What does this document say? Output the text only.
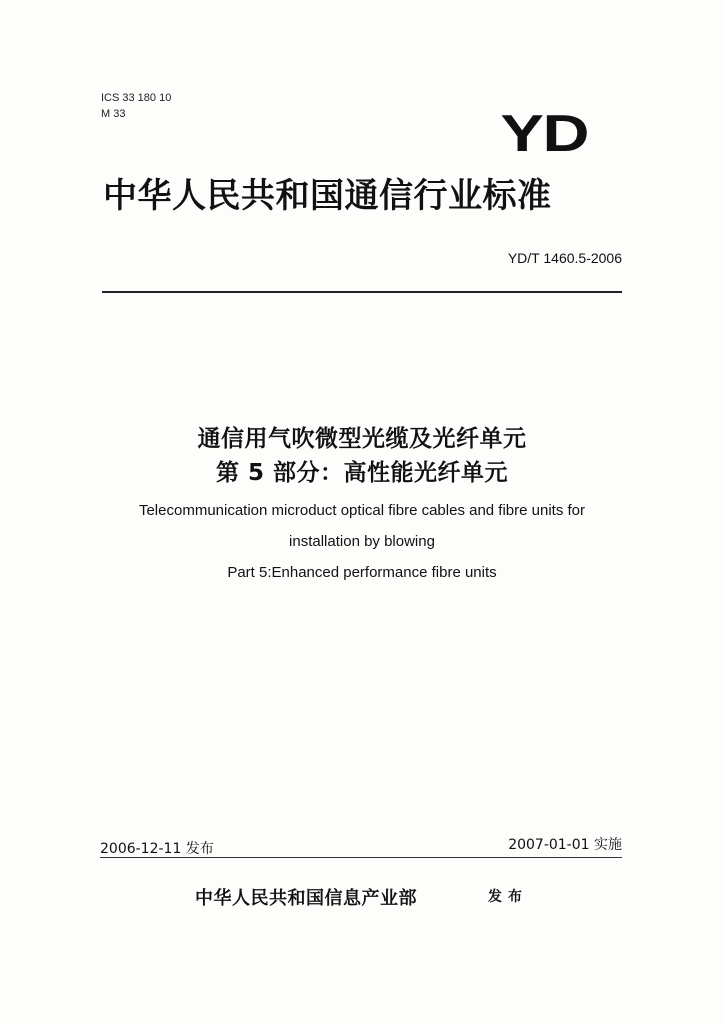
ICS 33 180 10
M 33	YD
中华人民共和国通信行业标准
YD/T 1460.5-2006
通信用气吹微型光缆及光纤单元
第 5 部分：高性能光纤单元
Telecommunication microduct optical fibre cables and fibre units for
installation by blowing
Part 5:Enhanced performance fibre units
2006-12-11 发布	2007-01-01 实施
中华人民共和国信息产业部	发布
